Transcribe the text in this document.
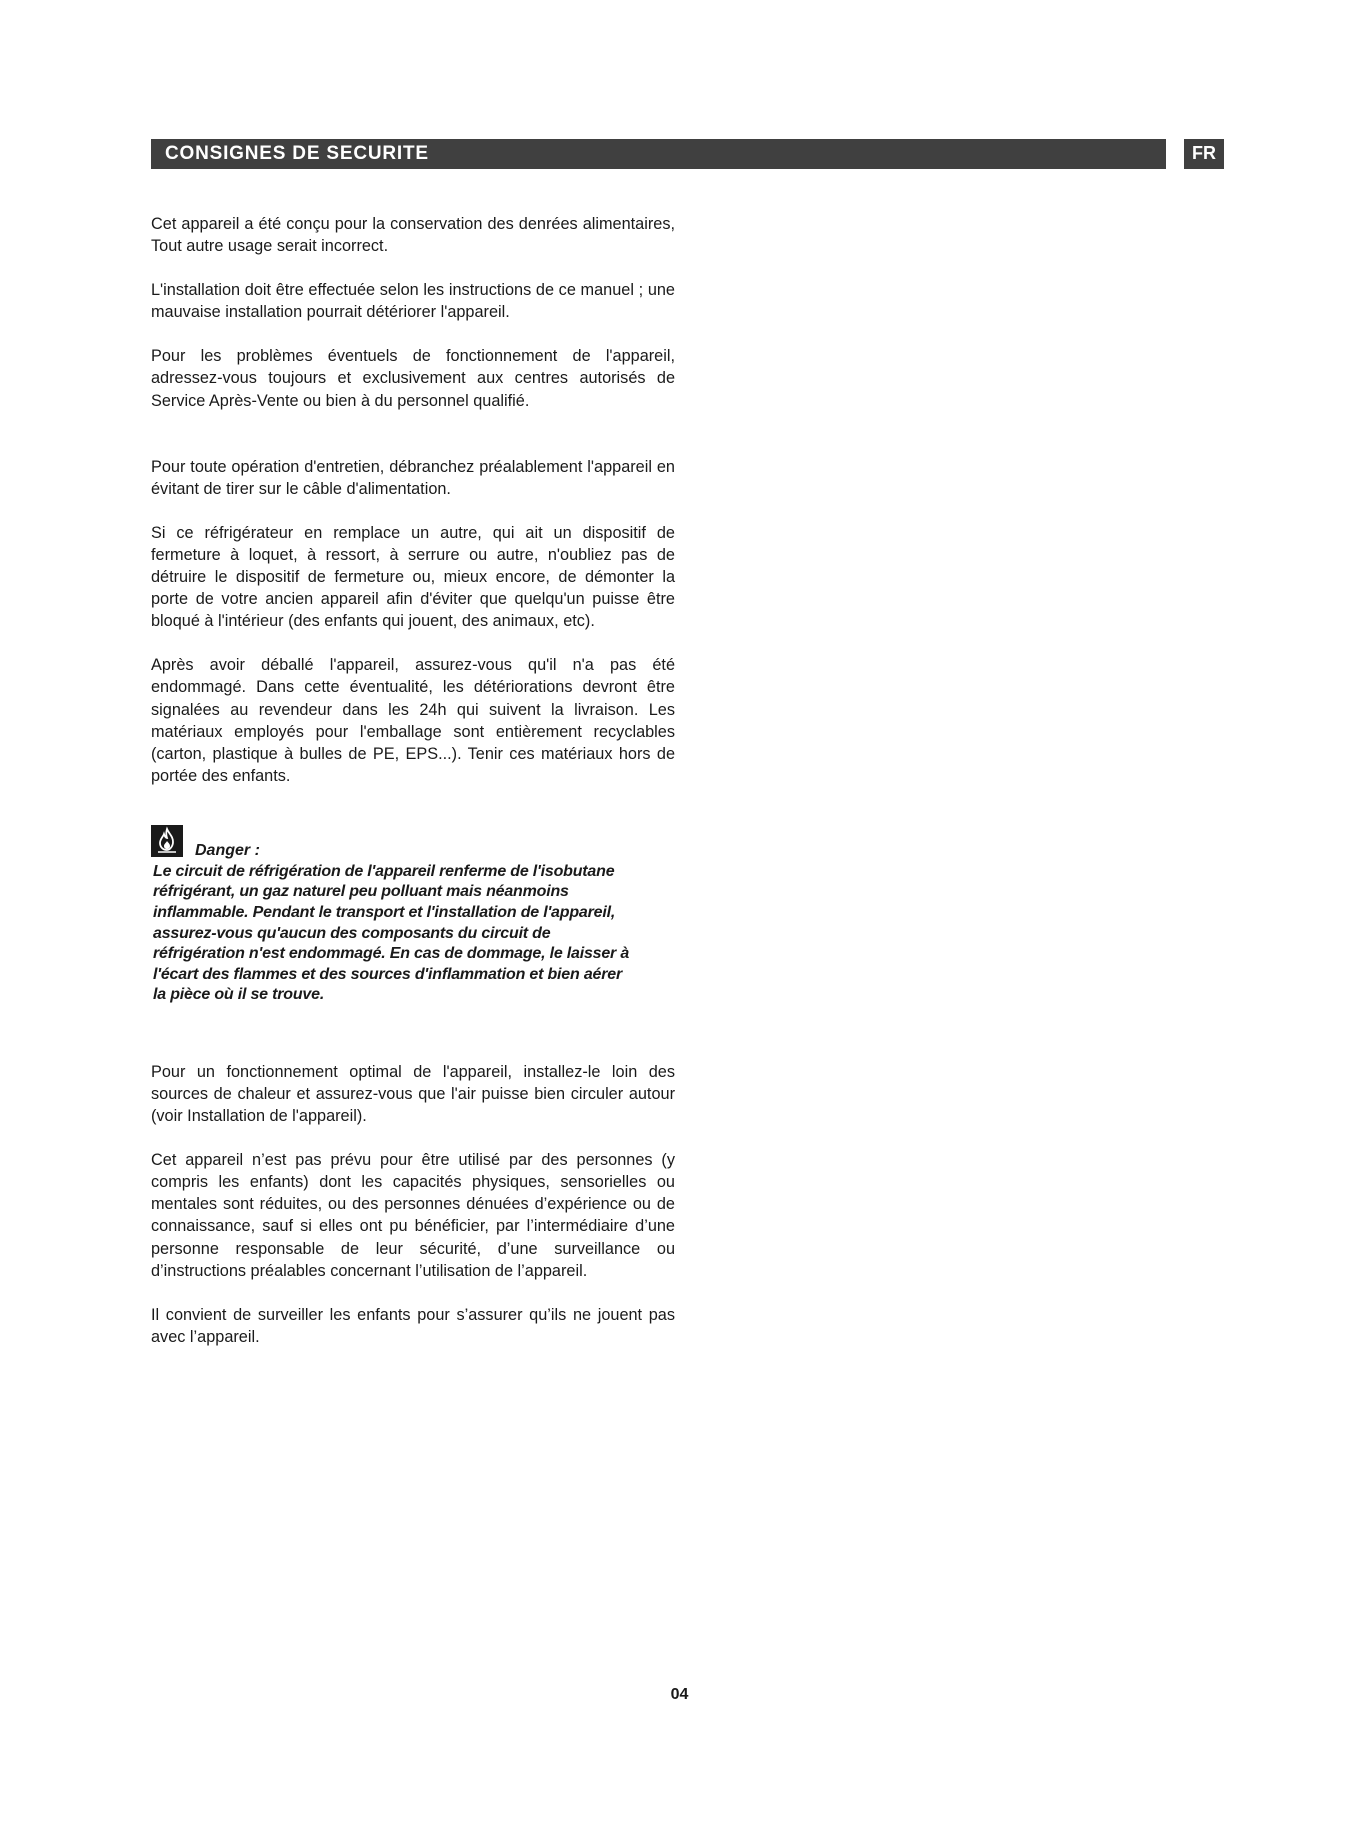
CONSIGNES DE SECURITE	FR

Cet appareil a été conçu pour la conservation des denrées alimentaires, Tout autre usage serait incorrect.

L'installation doit être effectuée selon les instructions de ce manuel ; une mauvaise installation pourrait détériorer l'appareil.

Pour les problèmes éventuels de fonctionnement de l'appareil, adressez-vous toujours et exclusivement aux centres autorisés de Service Après-Vente ou bien à du personnel qualifié.

Pour toute opération d'entretien, débranchez préalablement l'appareil en évitant de tirer sur le câble d'alimentation.

Si ce réfrigérateur en remplace un autre, qui ait un dispositif de fermeture à loquet, à ressort, à serrure ou autre, n'oubliez pas de détruire le dispositif de fermeture ou, mieux encore, de démonter la porte de votre ancien appareil afin d'éviter que quelqu'un puisse être bloqué à l'intérieur (des enfants qui jouent, des animaux, etc).

Après avoir déballé l'appareil, assurez-vous qu'il n'a pas été endommagé. Dans cette éventualité, les détériorations devront être signalées au revendeur dans les 24h qui suivent la livraison. Les matériaux employés pour l'emballage sont entièrement recyclables (carton, plastique à bulles de PE, EPS...). Tenir ces matériaux hors de portée des enfants.

Danger :
Le circuit de réfrigération de l'appareil renferme de l'isobutane
réfrigérant, un gaz naturel peu polluant mais néanmoins
inflammable. Pendant le transport et l'installation de l'appareil,
assurez-vous qu'aucun des composants du circuit de
réfrigération n'est endommagé. En cas de dommage, le laisser à
l'écart des flammes et des sources d'inflammation et bien aérer
la pièce où il se trouve.

Pour un fonctionnement optimal de l'appareil, installez-le loin des sources de chaleur et assurez-vous que l'air puisse bien circuler autour (voir Installation de l'appareil).

Cet appareil n’est pas prévu pour être utilisé par des personnes (y compris les enfants) dont les capacités physiques, sensorielles ou mentales sont réduites, ou des personnes dénuées d’expérience ou de connaissance, sauf si elles ont pu bénéficier, par l’intermédiaire d’une personne responsable de leur sécurité, d’une surveillance ou d’instructions préalables concernant l’utilisation de l’appareil.

Il convient de surveiller les enfants pour s’assurer qu’ils ne jouent pas avec l’appareil.

04
